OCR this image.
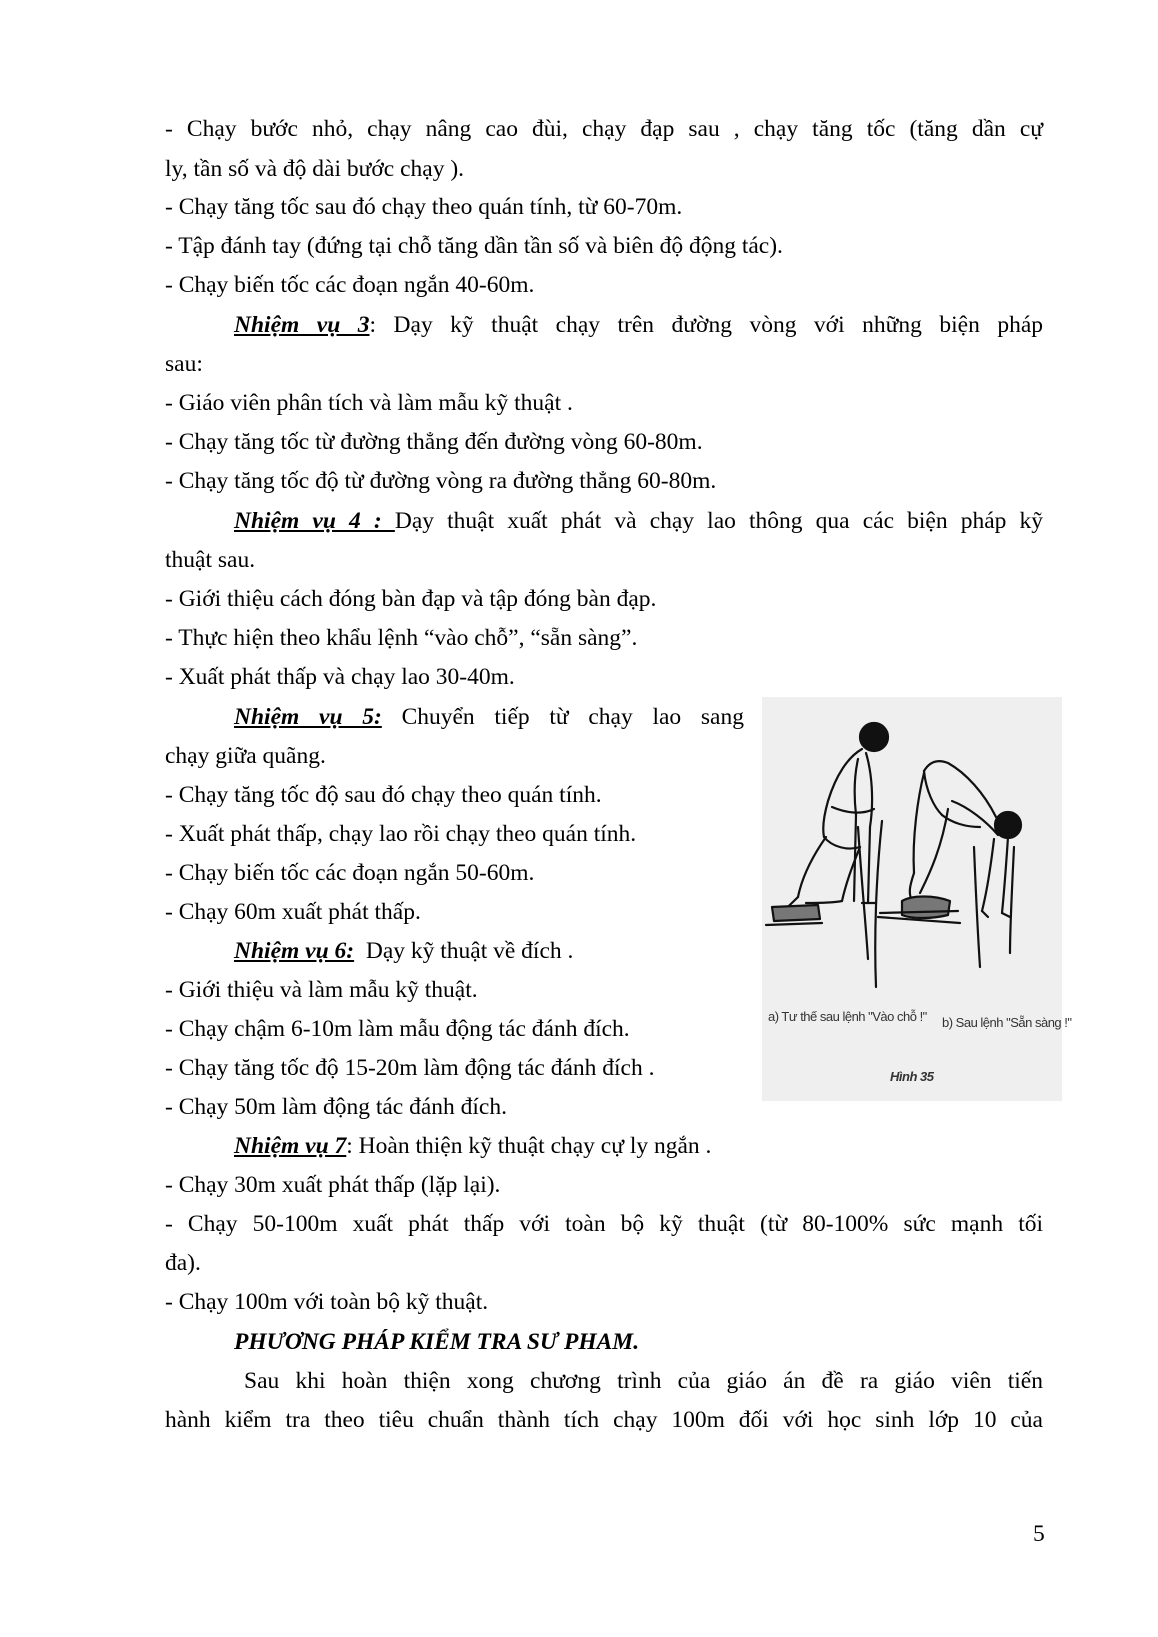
- Chạy bước nhỏ, chạy nâng cao đùi, chạy đạp sau , chạy tăng tốc (tăng dần cự
ly, tần số và độ dài bước chạy ).
- Chạy tăng tốc sau đó chạy theo quán tính, từ 60-70m.
- Tập đánh tay (đứng tại chỗ tăng dần tần số và biên độ động tác).
- Chạy biến tốc các đoạn ngắn 40-60m.
Nhiệm vụ 3: Dạy kỹ thuật chạy trên đường vòng với những biện pháp
sau:
- Giáo viên phân tích và làm mẫu kỹ thuật .
- Chạy tăng tốc từ đường thẳng đến đường vòng 60-80m.
- Chạy tăng tốc độ từ đường vòng ra đường thẳng 60-80m.
Nhiệm vụ 4 : Dạy thuật xuất phát và chạy lao thông qua các biện pháp kỹ
thuật sau.
- Giới thiệu cách đóng bàn đạp và tập đóng bàn đạp.
- Thực hiện theo khẩu lệnh “vào chỗ”, “sẵn sàng”.
- Xuất phát thấp và chạy lao 30-40m.
Nhiệm vụ 5: Chuyển tiếp từ chạy lao sang
chạy giữa quãng.
- Chạy tăng tốc độ sau đó chạy theo quán tính.
- Xuất phát thấp, chạy lao rồi chạy theo quán tính.
- Chạy biến tốc các đoạn ngắn 50-60m.
- Chạy 60m xuất phát thấp.
Nhiệm vụ 6:  Dạy kỹ thuật về đích .
- Giới thiệu và làm mẫu kỹ thuật.
- Chạy chậm 6-10m làm mẫu động tác đánh đích.
- Chạy tăng tốc độ 15-20m làm động tác đánh đích .
- Chạy 50m làm động tác đánh đích.
Nhiệm vụ 7: Hoàn thiện kỹ thuật chạy cự ly ngắn .
- Chạy 30m xuất phát thấp (lặp lại).
- Chạy 50-100m xuất phát thấp với toàn bộ kỹ thuật (từ 80-100% sức mạnh tối
đa).
- Chạy 100m với toàn bộ kỹ thuật.
PHƯƠNG PHÁP KIỂM TRA SƯ PHAM.
Sau khi hoàn thiện xong chương trình của giáo án đề ra giáo viên tiến
hành kiểm tra theo tiêu chuẩn thành tích chạy 100m đối với học sinh lớp 10 của
5
a) Tư thế sau lệnh "Vào chỗ !" b) Sau lệnh "Sẵn sàng !"
Hình 35
